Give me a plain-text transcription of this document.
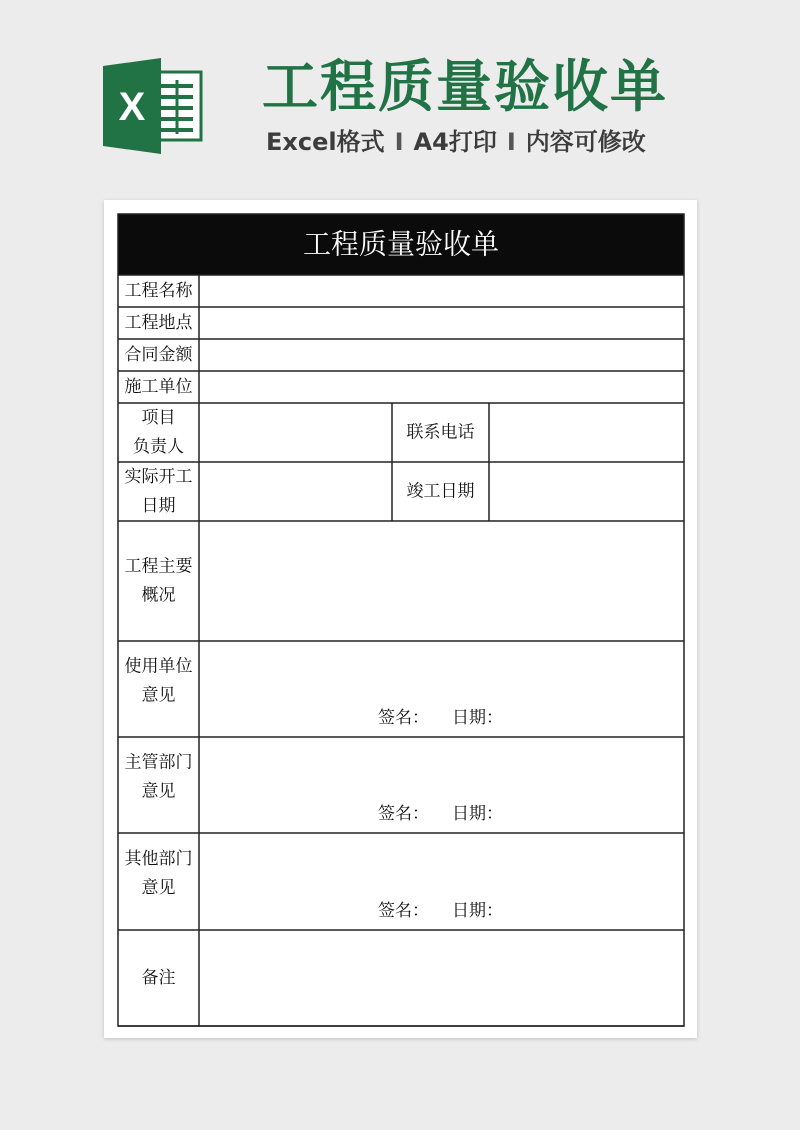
X 工程质量验收单
Excel格式 I A4打印 I 内容可修改
工程质量验收单
工程名称
工程地点
合同金额
施工单位
项目
负责人
联系电话
实际开工
日期
竣工日期
工程主要
概况
使用单位
意见
签名： 日期：
主管部门
意见
签名： 日期：
其他部门
意见
签名： 日期：
备注
